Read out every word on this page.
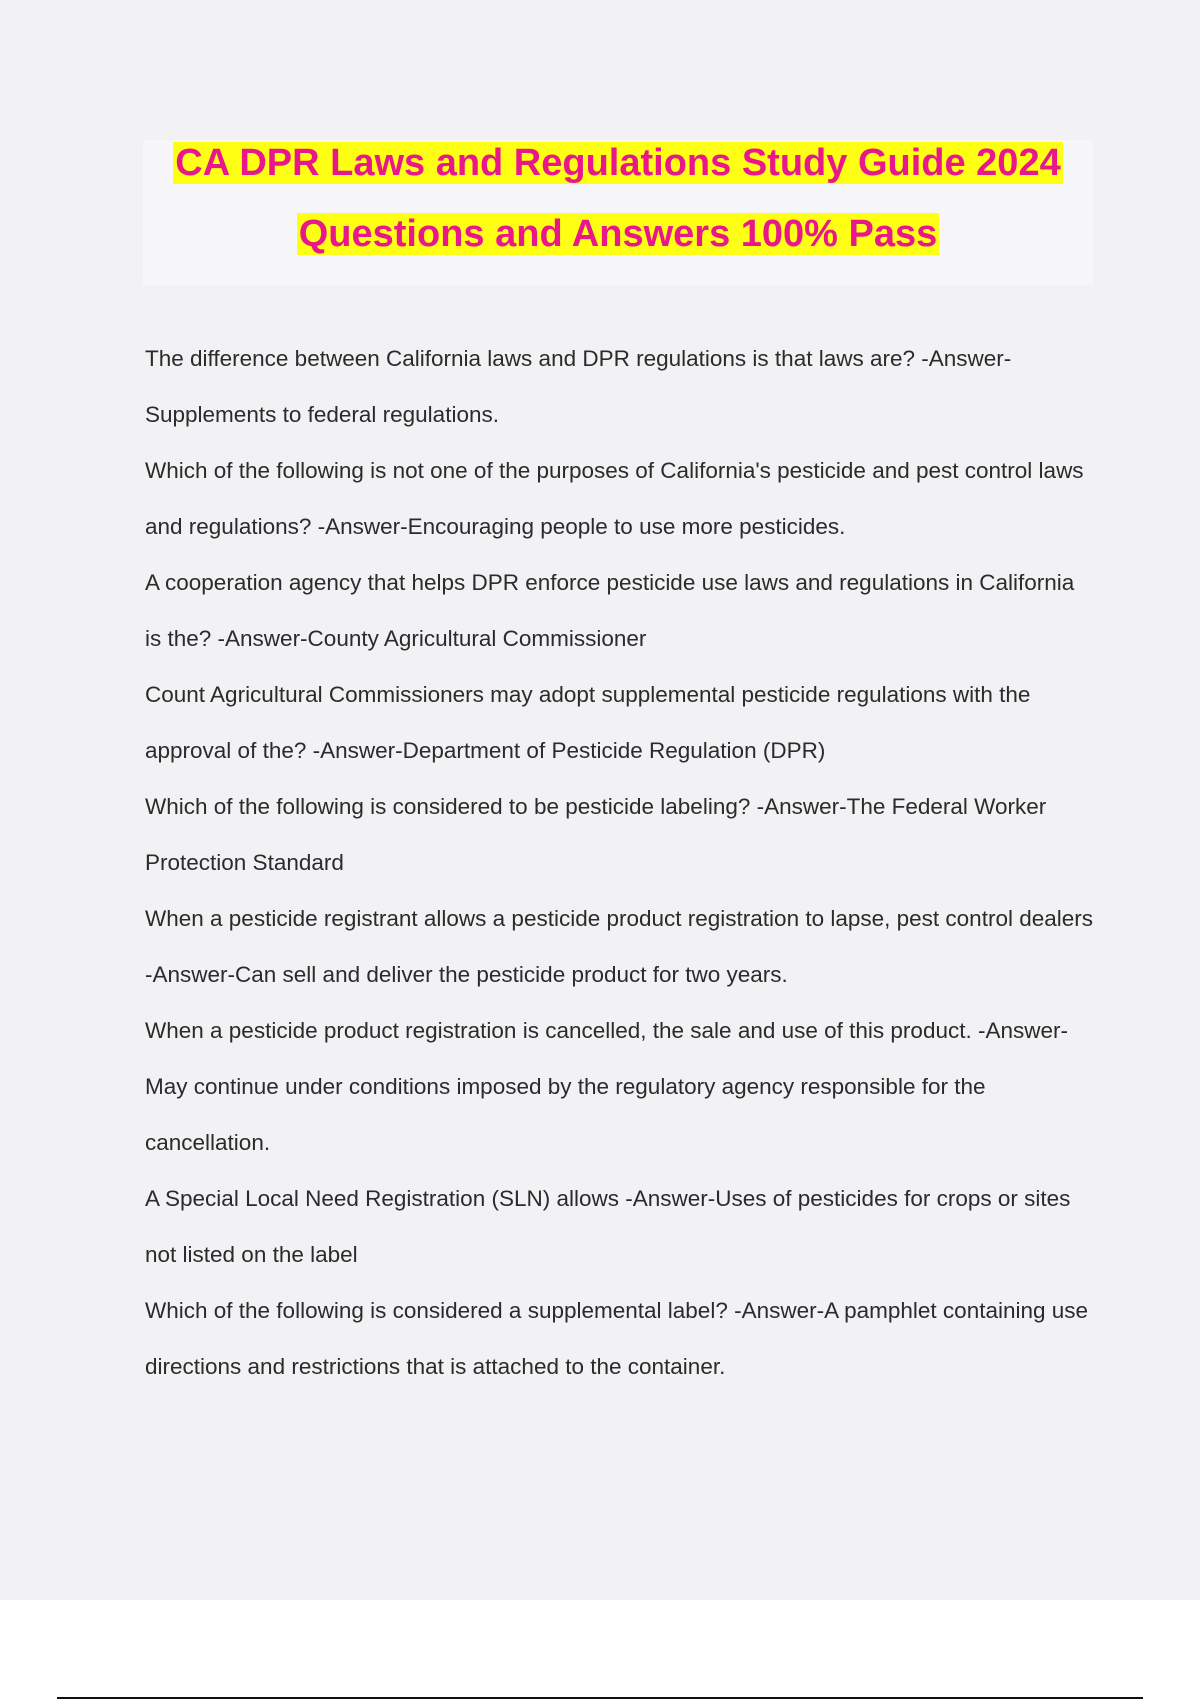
CA DPR Laws and Regulations Study Guide 2024
Questions and Answers 100% Pass

The difference between California laws and DPR regulations is that laws are? -Answer-Supplements to federal regulations.

Which of the following is not one of the purposes of California's pesticide and pest control laws and regulations? -Answer-Encouraging people to use more pesticides.

A cooperation agency that helps DPR enforce pesticide use laws and regulations in California is the? -Answer-County Agricultural Commissioner

Count Agricultural Commissioners may adopt supplemental pesticide regulations with the approval of the? -Answer-Department of Pesticide Regulation (DPR)

Which of the following is considered to be pesticide labeling? -Answer-The Federal Worker Protection Standard

When a pesticide registrant allows a pesticide product registration to lapse, pest control dealers -Answer-Can sell and deliver the pesticide product for two years.

When a pesticide product registration is cancelled, the sale and use of this product. -Answer-May continue under conditions imposed by the regulatory agency responsible for the cancellation.

A Special Local Need Registration (SLN) allows -Answer-Uses of pesticides for crops or sites not listed on the label

Which of the following is considered a supplemental label? -Answer-A pamphlet containing use directions and restrictions that is attached to the container.
